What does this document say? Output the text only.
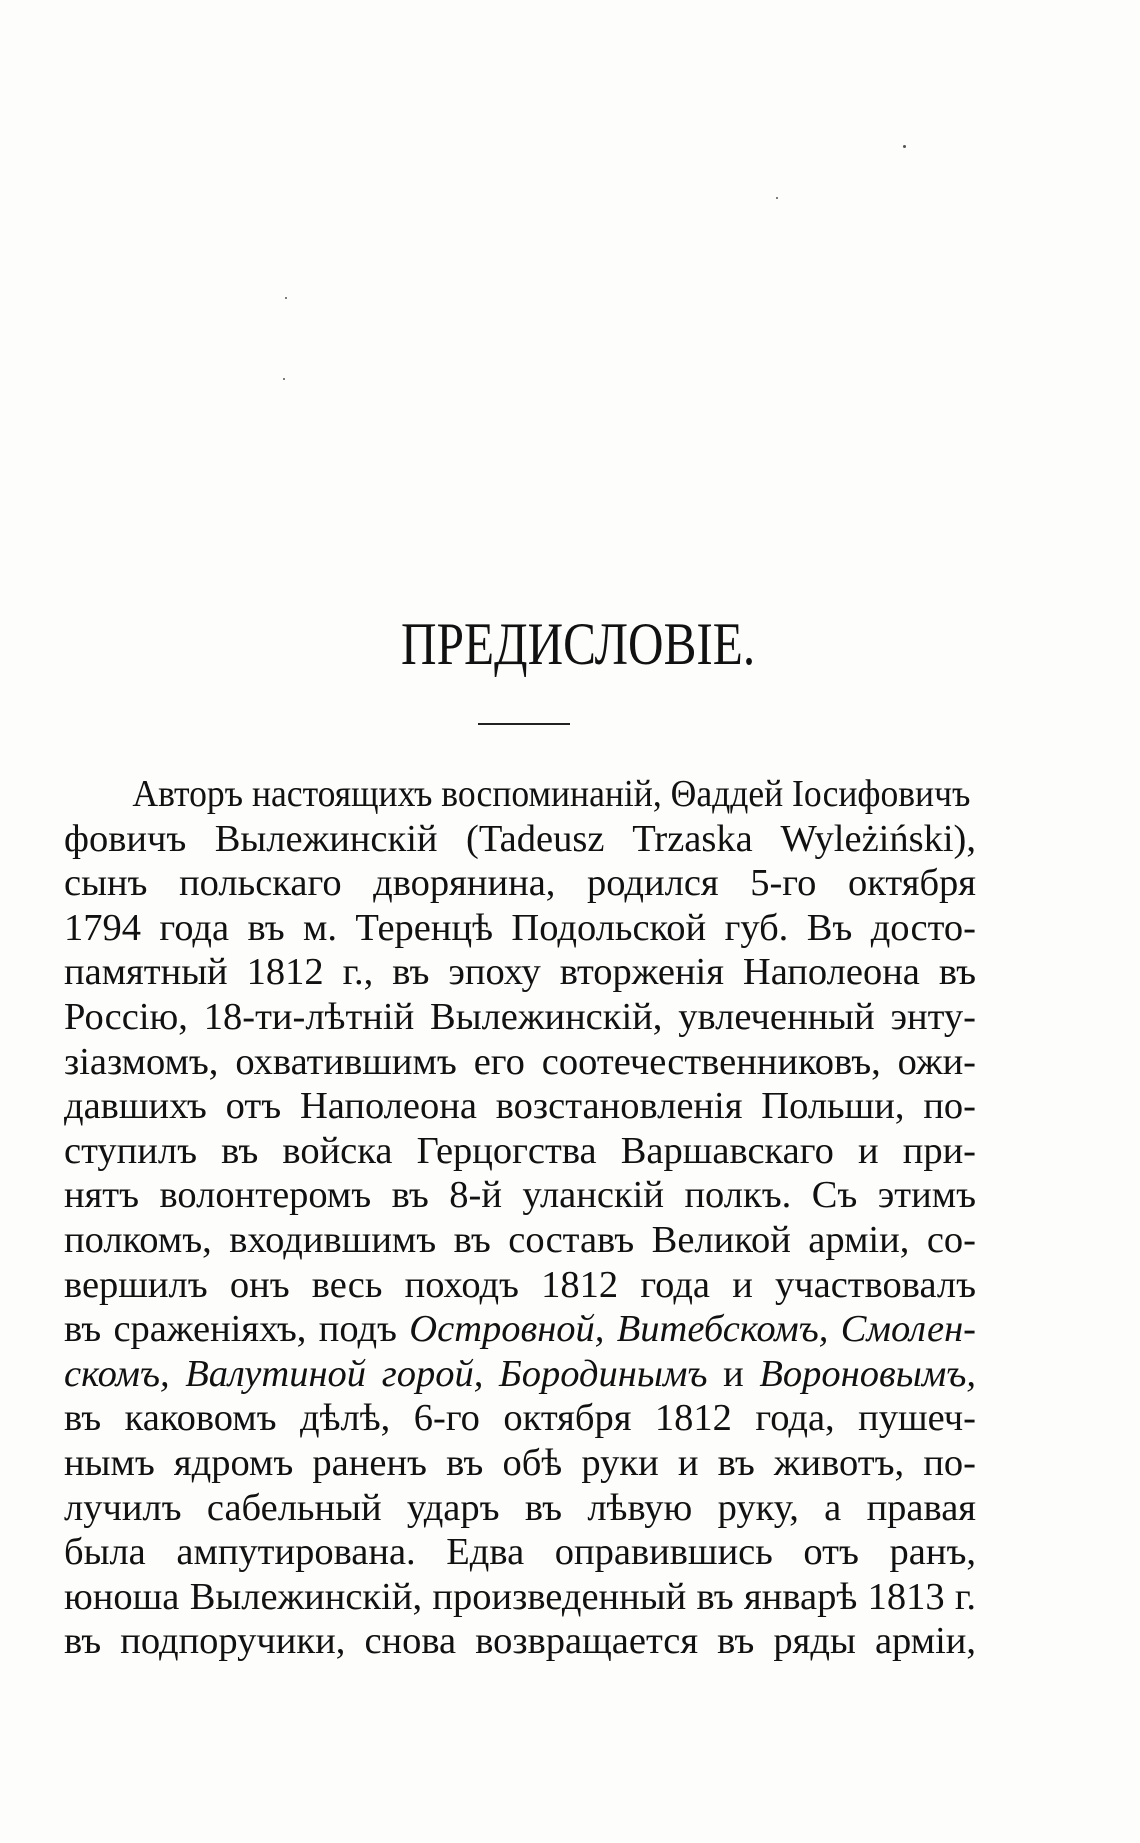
ПРЕДИСЛОВІЕ.
Авторъ настоящихъ воспоминаній, Θаддей Іосифовичъ
фовичъ Вылежинскій (Tadeusz Trzaska Wyleżiński),
сынъ польскаго дворянина, родился 5-го октября
1794 года въ м. Теренцѣ Подольской губ. Въ досто-
памятный 1812 г., въ эпоху вторженія Наполеона въ
Россію, 18-ти-лѣтній Вылежинскій, увлеченный энту-
зіазмомъ, охватившимъ его соотечественниковъ, ожи-
давшихъ отъ Наполеона возстановленія Польши, по-
ступилъ въ войска Герцогства Варшавскаго и при-
нятъ волонтеромъ въ 8-й уланскій полкъ. Съ этимъ
полкомъ, входившимъ въ составъ Великой арміи, со-
вершилъ онъ весь походъ 1812 года и участвовалъ
въ сраженіяхъ, подъ Островной, Витебскомъ, Смолен-
скомъ, Валутиной горой, Бородинымъ и Вороновымъ,
въ каковомъ дѣлѣ, 6-го октября 1812 года, пушеч-
нымъ ядромъ раненъ въ обѣ руки и въ животъ, по-
лучилъ сабельный ударъ въ лѣвую руку, а правая
была ампутирована. Едва оправившись отъ ранъ,
юноша Вылежинскій, произведенный въ январѣ 1813 г.
въ подпоручики, снова возвращается въ ряды арміи,
